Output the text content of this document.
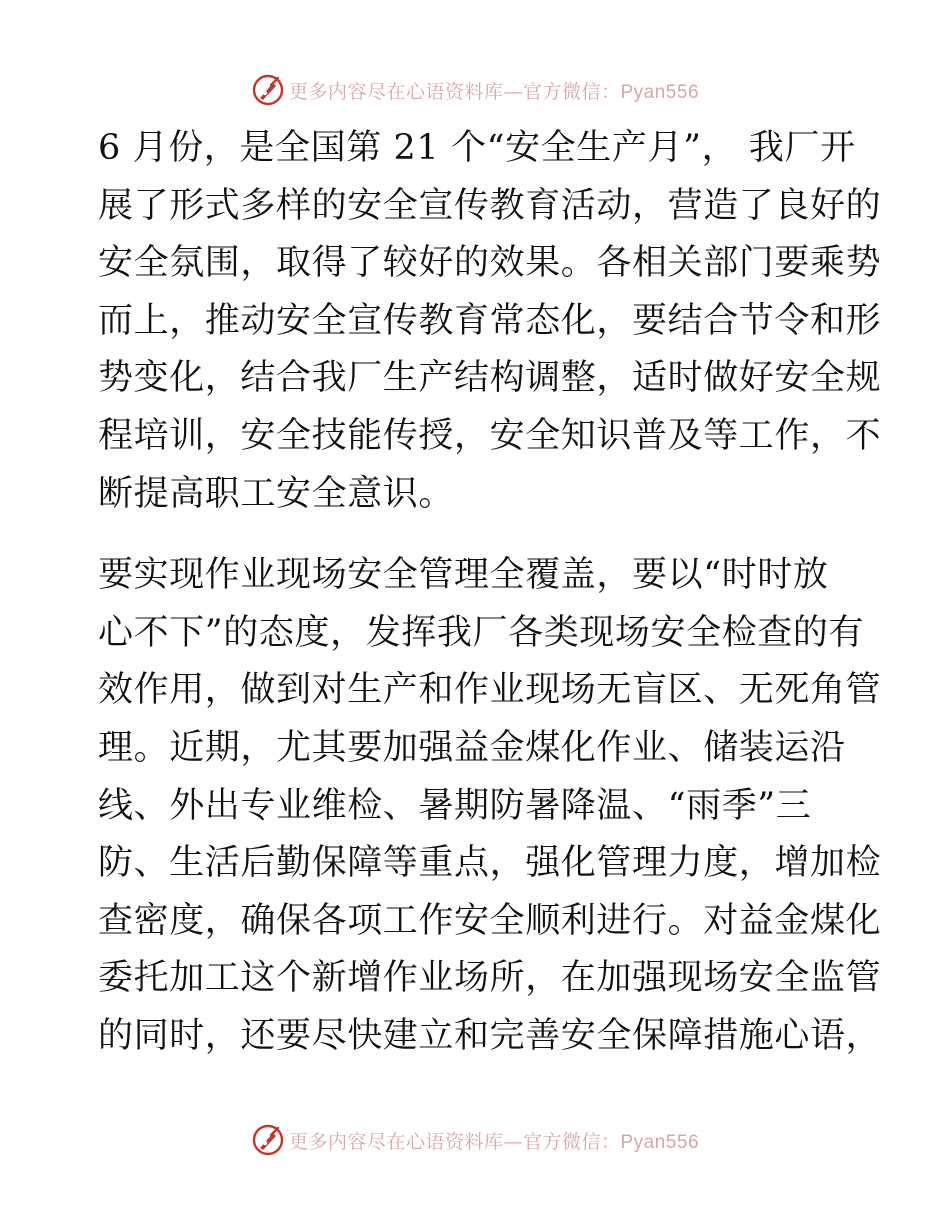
更多内容尽在心语资料库—官方微信：Pyan556

6 月份，是全国第 21 个“安全生产月”， 我厂开
展了形式多样的安全宣传教育活动，营造了良好的
安全氛围，取得了较好的效果。各相关部门要乘势
而上，推动安全宣传教育常态化，要结合节令和形
势变化，结合我厂生产结构调整，适时做好安全规
程培训，安全技能传授，安全知识普及等工作，不
断提高职工安全意识。

要实现作业现场安全管理全覆盖，要以“时时放
心不下”的态度，发挥我厂各类现场安全检查的有
效作用，做到对生产和作业现场无盲区、无死角管
理。近期，尤其要加强益金煤化作业、储装运沿
线、外出专业维检、暑期防暑降温、“雨季”三
防、生活后勤保障等重点，强化管理力度，增加检
查密度，确保各项工作安全顺利进行。对益金煤化
委托加工这个新增作业场所，在加强现场安全监管
的同时，还要尽快建立和完善安全保障措施心语，

更多内容尽在心语资料库—官方微信：Pyan556
